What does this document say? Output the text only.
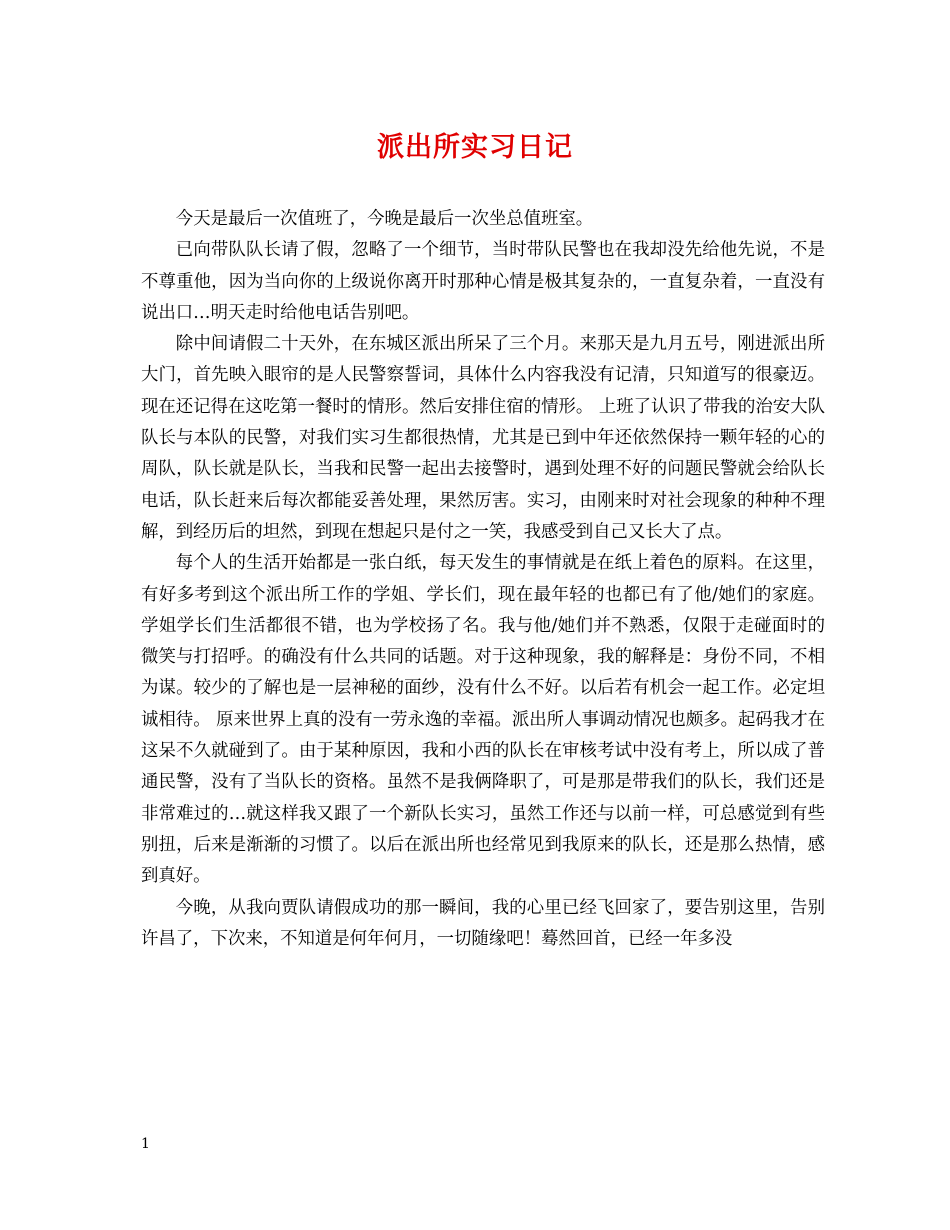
派出所实习日记

今天是最后一次值班了，今晚是最后一次坐总值班室。

已向带队队长请了假，忽略了一个细节，当时带队民警也在我却没先给他先说，不是不尊重他，因为当向你的上级说你离开时那种心情是极其复杂的，一直复杂着，一直没有说出口…明天走时给他电话告别吧。

除中间请假二十天外，在东城区派出所呆了三个月。来那天是九月五号，刚进派出所大门，首先映入眼帘的是人民警察誓词，具体什么内容我没有记清，只知道写的很豪迈。现在还记得在这吃第一餐时的情形。然后安排住宿的情形。 上班了认识了带我的治安大队队长与本队的民警，对我们实习生都很热情，尤其是已到中年还依然保持一颗年轻的心的周队，队长就是队长，当我和民警一起出去接警时，遇到处理不好的问题民警就会给队长电话，队长赶来后每次都能妥善处理，果然厉害。实习，由刚来时对社会现象的种种不理解，到经历后的坦然，到现在想起只是付之一笑，我感受到自己又长大了点。

每个人的生活开始都是一张白纸，每天发生的事情就是在纸上着色的原料。在这里，有好多考到这个派出所工作的学姐、学长们，现在最年轻的也都已有了他/她们的家庭。学姐学长们生活都很不错，也为学校扬了名。我与他/她们并不熟悉，仅限于走碰面时的微笑与打招呼。的确没有什么共同的话题。对于这种现象，我的解释是：身份不同，不相为谋。较少的了解也是一层神秘的面纱，没有什么不好。以后若有机会一起工作。必定坦诚相待。 原来世界上真的没有一劳永逸的幸福。派出所人事调动情况也颇多。起码我才在这呆不久就碰到了。由于某种原因，我和小西的队长在审核考试中没有考上，所以成了普通民警，没有了当队长的资格。虽然不是我俩降职了，可是那是带我们的队长，我们还是非常难过的…就这样我又跟了一个新队长实习，虽然工作还与以前一样，可总感觉到有些别扭，后来是渐渐的习惯了。以后在派出所也经常见到我原来的队长，还是那么热情，感到真好。

今晚，从我向贾队请假成功的那一瞬间，我的心里已经飞回家了，要告别这里，告别许昌了，下次来，不知道是何年何月，一切随缘吧！蓦然回首，已经一年多没

1
